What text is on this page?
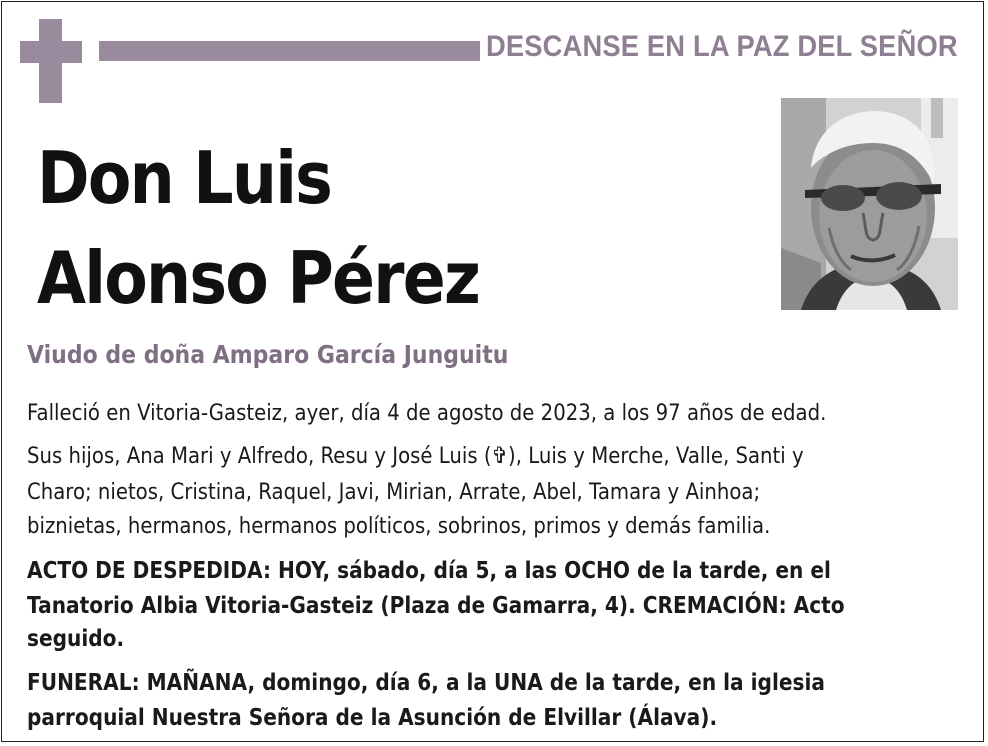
DESCANSE EN LA PAZ DEL SEÑOR
Don Luis
Alonso Pérez
Viudo de doña Amparo García Junguitu
Falleció en Vitoria-Gasteiz, ayer, día 4 de agosto de 2023, a los 97 años de edad.
Sus hijos, Ana Mari y Alfredo, Resu y José Luis (✞), Luis y Merche, Valle, Santi y
Charo; nietos, Cristina, Raquel, Javi, Mirian, Arrate, Abel, Tamara y Ainhoa;
biznietas, hermanos, hermanos políticos, sobrinos, primos y demás familia.
ACTO DE DESPEDIDA: HOY, sábado, día 5, a las OCHO de la tarde, en el
Tanatorio Albia Vitoria-Gasteiz (Plaza de Gamarra, 4). CREMACIÓN: Acto
seguido.
FUNERAL: MAÑANA, domingo, día 6, a la UNA de la tarde, en la iglesia
parroquial Nuestra Señora de la Asunción de Elvillar (Álava).
